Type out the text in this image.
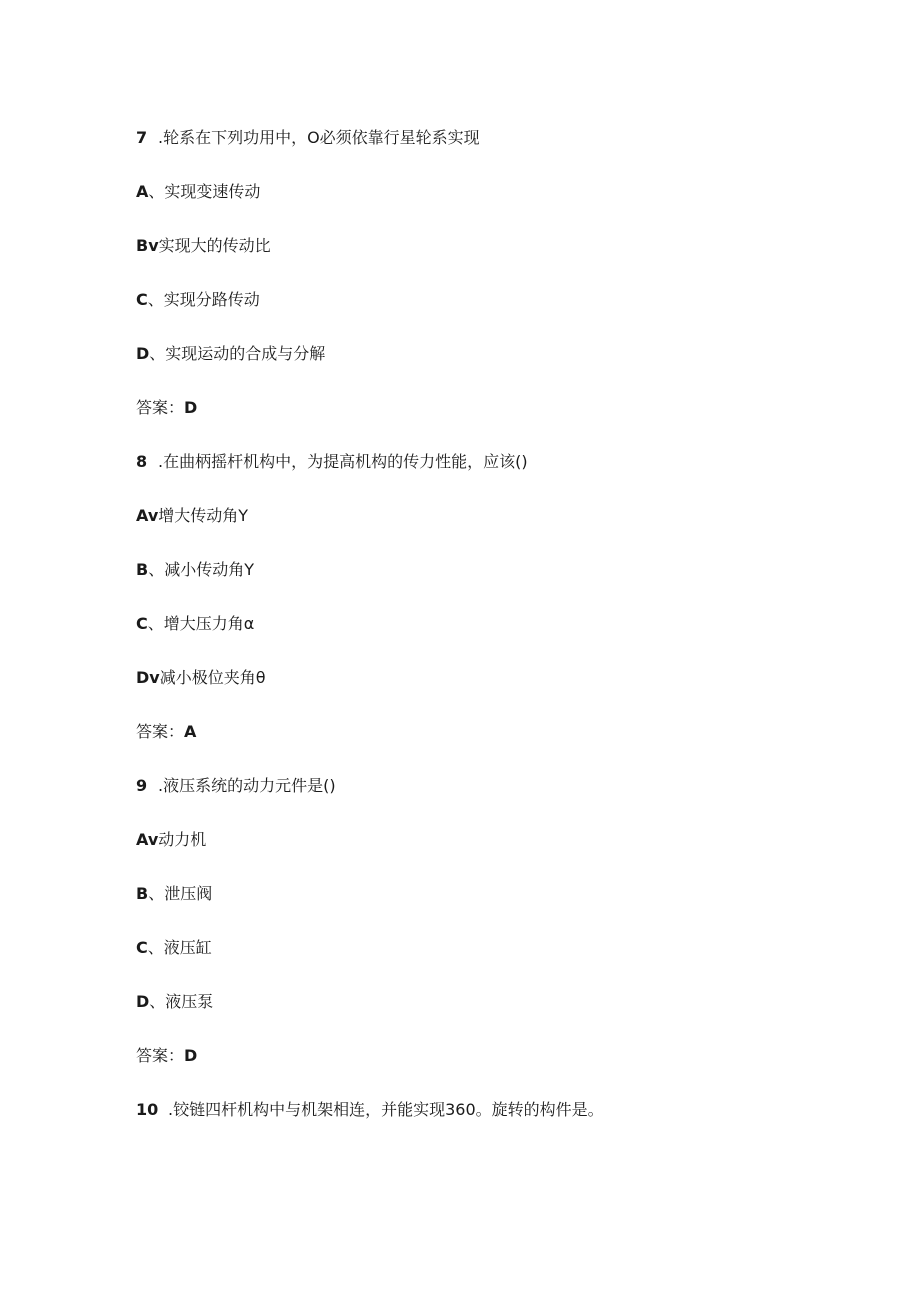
7 .轮系在下列功用中，O必须依靠行星轮系实现
A、实现变速传动
Bv实现大的传动比
C、实现分路传动
D、实现运动的合成与分解
答案：D
8 .在曲柄摇杆机构中，为提高机构的传力性能，应该()
Av增大传动角Y
B、减小传动角Y
C、增大压力角α
Dv减小极位夹角θ
答案：A
9 .液压系统的动力元件是()
Av动力机
B、泄压阀
C、液压缸
D、液压泵
答案：D
10 .铰链四杆机构中与机架相连，并能实现360。旋转的构件是。
